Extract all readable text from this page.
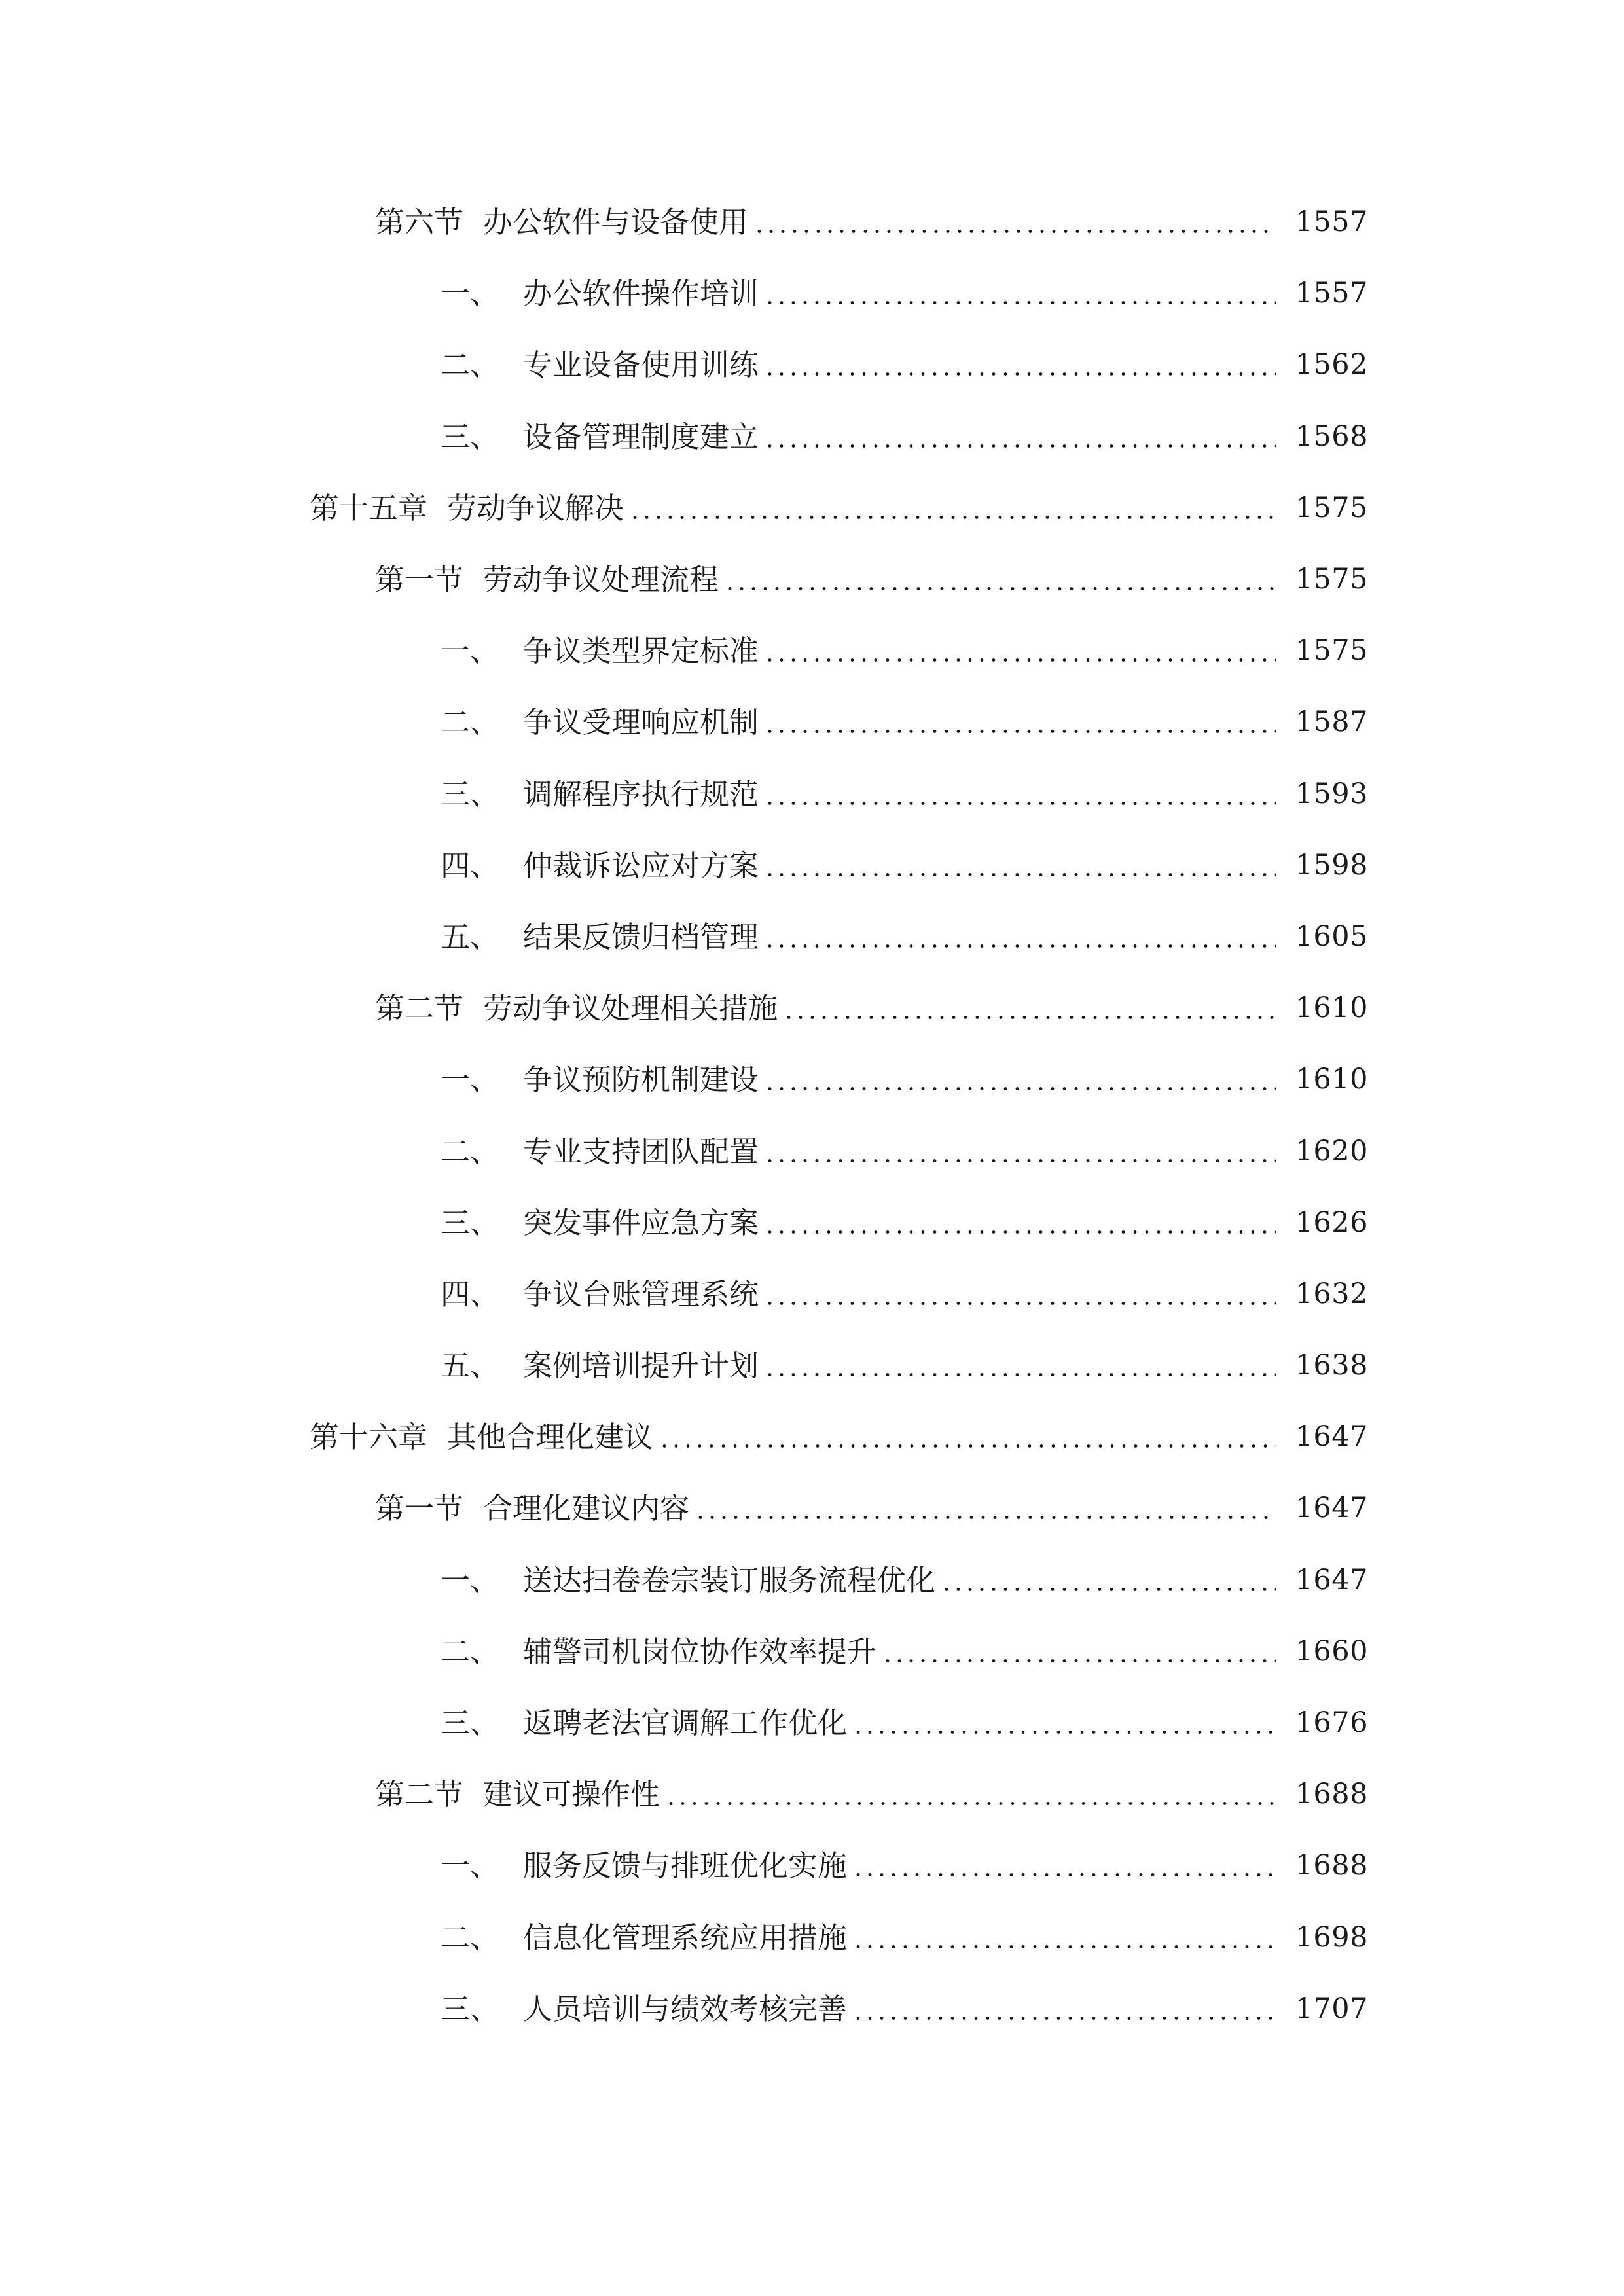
第六节 办公软件与设备使用	1557
一、 办公软件操作培训	1557
二、 专业设备使用训练	1562
三、 设备管理制度建立	1568
第十五章 劳动争议解决	1575
第一节 劳动争议处理流程	1575
一、 争议类型界定标准	1575
二、 争议受理响应机制	1587
三、 调解程序执行规范	1593
四、 仲裁诉讼应对方案	1598
五、 结果反馈归档管理	1605
第二节 劳动争议处理相关措施	1610
一、 争议预防机制建设	1610
二、 专业支持团队配置	1620
三、 突发事件应急方案	1626
四、 争议台账管理系统	1632
五、 案例培训提升计划	1638
第十六章 其他合理化建议	1647
第一节 合理化建议内容	1647
一、 送达扫卷卷宗装订服务流程优化	1647
二、 辅警司机岗位协作效率提升	1660
三、 返聘老法官调解工作优化	1676
第二节 建议可操作性	1688
一、 服务反馈与排班优化实施	1688
二、 信息化管理系统应用措施	1698
三、 人员培训与绩效考核完善	1707
